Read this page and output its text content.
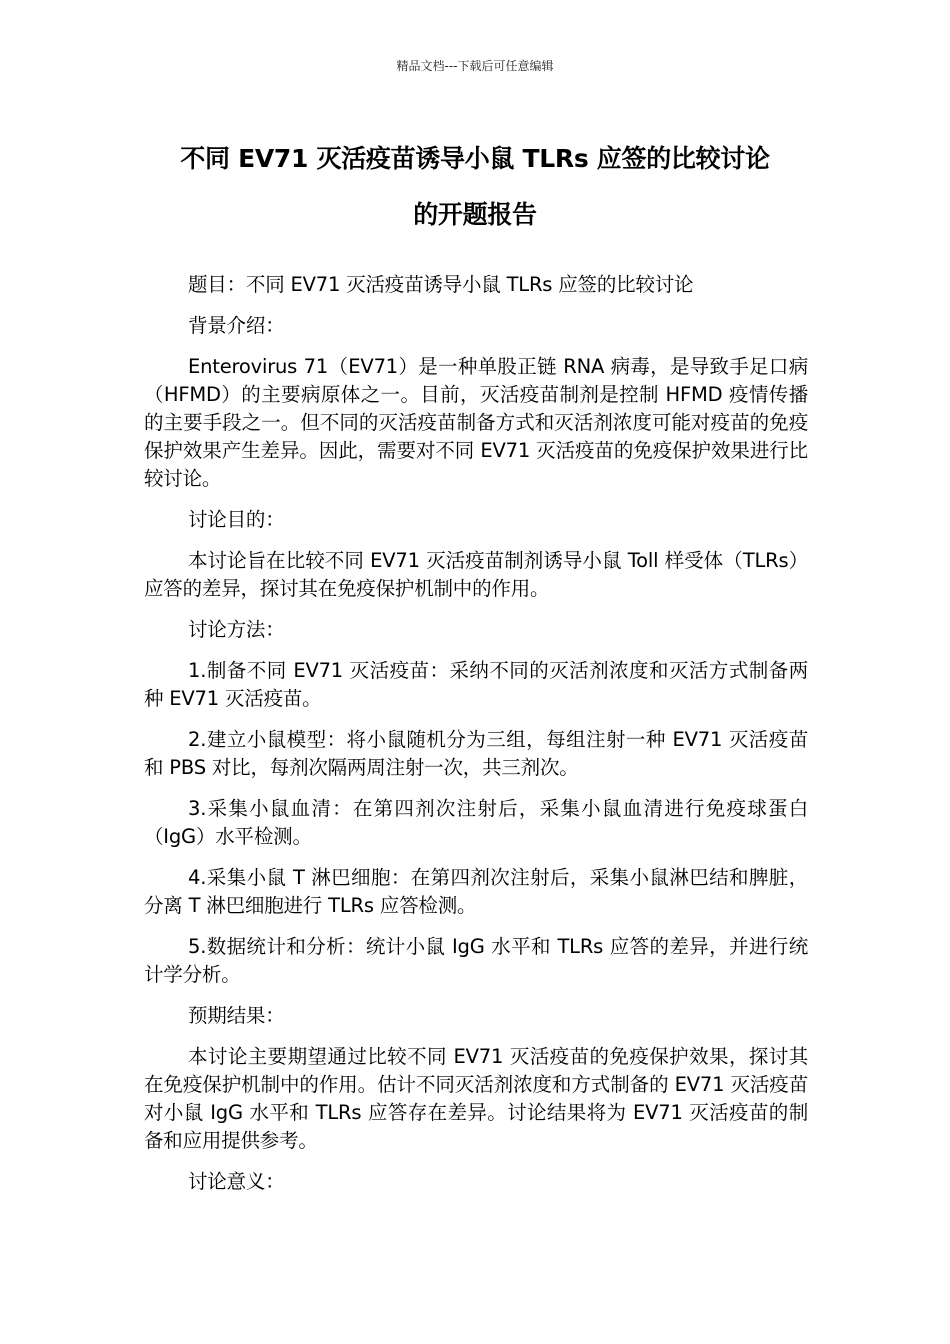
精品文档---下载后可任意编辑
不同 EV71 灭活疫苗诱导小鼠 TLRs 应签的比较讨论
的开题报告

题目：不同 EV71 灭活疫苗诱导小鼠 TLRs 应签的比较讨论

背景介绍：

Enterovirus 71（EV71）是一种单股正链 RNA 病毒，是导致手足口病（HFMD）的主要病原体之一。目前，灭活疫苗制剂是控制 HFMD 疫情传播的主要手段之一。但不同的灭活疫苗制备方式和灭活剂浓度可能对疫苗的免疫保护效果产生差异。因此，需要对不同 EV71 灭活疫苗的免疫保护效果进行比较讨论。

讨论目的：

本讨论旨在比较不同 EV71 灭活疫苗制剂诱导小鼠 Toll 样受体（TLRs）应答的差异，探讨其在免疫保护机制中的作用。

讨论方法：

1.制备不同 EV71 灭活疫苗：采纳不同的灭活剂浓度和灭活方式制备两种 EV71 灭活疫苗。

2.建立小鼠模型：将小鼠随机分为三组，每组注射一种 EV71 灭活疫苗和 PBS 对比，每剂次隔两周注射一次，共三剂次。

3.采集小鼠血清：在第四剂次注射后，采集小鼠血清进行免疫球蛋白（IgG）水平检测。

4.采集小鼠 T 淋巴细胞：在第四剂次注射后，采集小鼠淋巴结和脾脏，分离 T 淋巴细胞进行 TLRs 应答检测。

5.数据统计和分析：统计小鼠 IgG 水平和 TLRs 应答的差异，并进行统计学分析。

预期结果：

本讨论主要期望通过比较不同 EV71 灭活疫苗的免疫保护效果，探讨其在免疫保护机制中的作用。估计不同灭活剂浓度和方式制备的 EV71 灭活疫苗对小鼠 IgG 水平和 TLRs 应答存在差异。讨论结果将为 EV71 灭活疫苗的制备和应用提供参考。

讨论意义：
